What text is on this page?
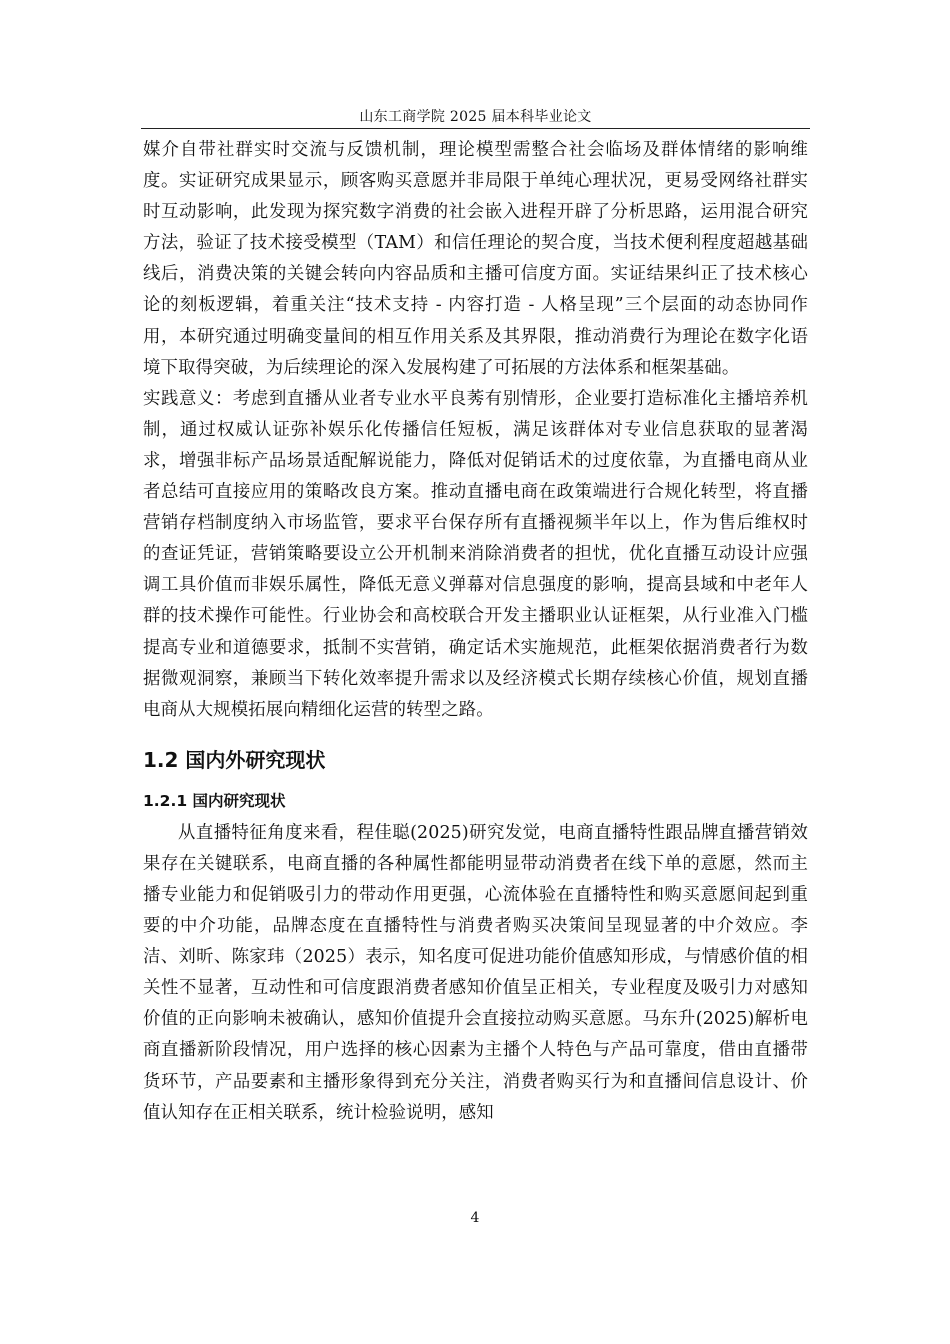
山东工商学院 2025 届本科毕业论文

媒介自带社群实时交流与反馈机制，理论模型需整合社会临场及群体情绪的影响维度。实证研究成果显示，顾客购买意愿并非局限于单纯心理状况，更易受网络社群实时互动影响，此发现为探究数字消费的社会嵌入进程开辟了分析思路，运用混合研究方法，验证了技术接受模型（TAM）和信任理论的契合度，当技术便利程度超越基础线后，消费决策的关键会转向内容品质和主播可信度方面。实证结果纠正了技术核心论的刻板逻辑，着重关注“技术支持 - 内容打造 - 人格呈现”三个层面的动态协同作用，本研究通过明确变量间的相互作用关系及其界限，推动消费行为理论在数字化语境下取得突破，为后续理论的深入发展构建了可拓展的方法体系和框架基础。

实践意义：考虑到直播从业者专业水平良莠有别情形，企业要打造标准化主播培养机制，通过权威认证弥补娱乐化传播信任短板，满足该群体对专业信息获取的显著渴求，增强非标产品场景适配解说能力，降低对促销话术的过度依靠，为直播电商从业者总结可直接应用的策略改良方案。推动直播电商在政策端进行合规化转型，将直播营销存档制度纳入市场监管，要求平台保存所有直播视频半年以上，作为售后维权时的查证凭证，营销策略要设立公开机制来消除消费者的担忧，优化直播互动设计应强调工具价值而非娱乐属性，降低无意义弹幕对信息强度的影响，提高县域和中老年人群的技术操作可能性。行业协会和高校联合开发主播职业认证框架，从行业准入门槛提高专业和道德要求，抵制不实营销，确定话术实施规范，此框架依据消费者行为数据微观洞察，兼顾当下转化效率提升需求以及经济模式长期存续核心价值，规划直播电商从大规模拓展向精细化运营的转型之路。

1.2 国内外研究现状
1.2.1 国内研究现状

从直播特征角度来看，程佳聪(2025)研究发觉，电商直播特性跟品牌直播营销效果存在关键联系，电商直播的各种属性都能明显带动消费者在线下单的意愿，然而主播专业能力和促销吸引力的带动作用更强，心流体验在直播特性和购买意愿间起到重要的中介功能，品牌态度在直播特性与消费者购买决策间呈现显著的中介效应。李洁、刘昕、陈家玮（2025）表示，知名度可促进功能价值感知形成，与情感价值的相关性不显著，互动性和可信度跟消费者感知价值呈正相关，专业程度及吸引力对感知价值的正向影响未被确认，感知价值提升会直接拉动购买意愿。马东升(2025)解析电商直播新阶段情况，用户选择的核心因素为主播个人特色与产品可靠度，借由直播带货环节，产品要素和主播形象得到充分关注，消费者购买行为和直播间信息设计、价值认知存在正相关联系，统计检验说明，感知

4
